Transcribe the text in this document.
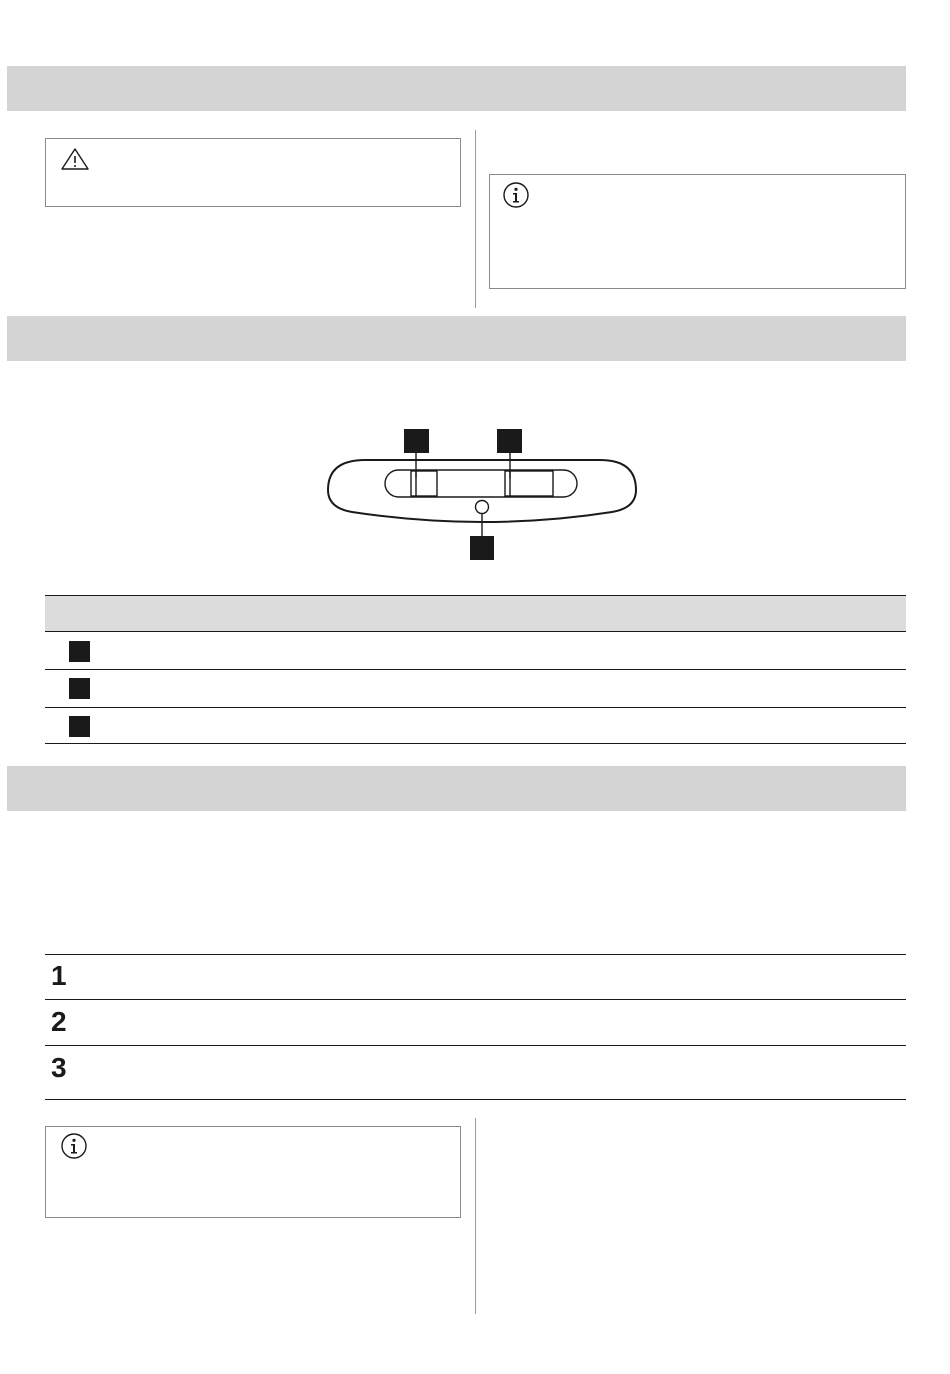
1
2
3
